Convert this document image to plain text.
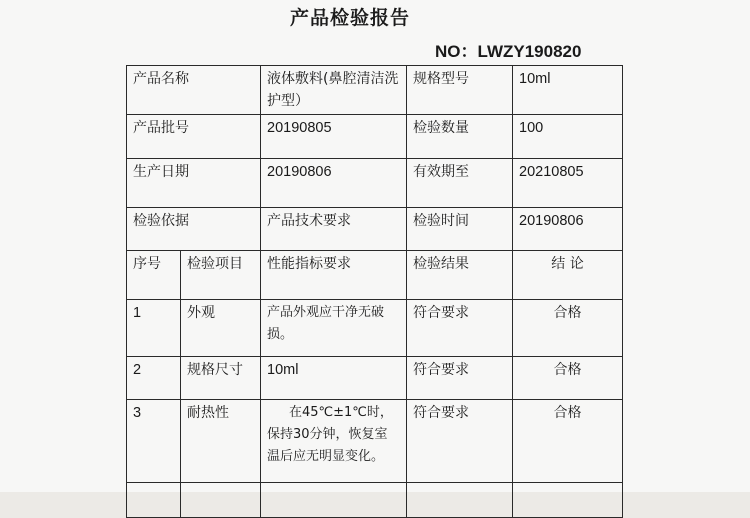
产品检验报告
NO：LWZY190820
产品名称		液体敷料(鼻腔清洁洗护型）	规格型号	10ml
产品批号		20190805	检验数量	100
生产日期		20190806	有效期至	20210805
检验依据		产品技术要求	检验时间	20190806
序号	检验项目	性能指标要求	检验结果	结 论
1	外观	产品外观应干净无破损。	符合要求	合格
2	规格尺寸	10ml	符合要求	合格
3	耐热性	在45℃±1℃时，保持30分钟，恢复室温后应无明显变化。	符合要求	合格
